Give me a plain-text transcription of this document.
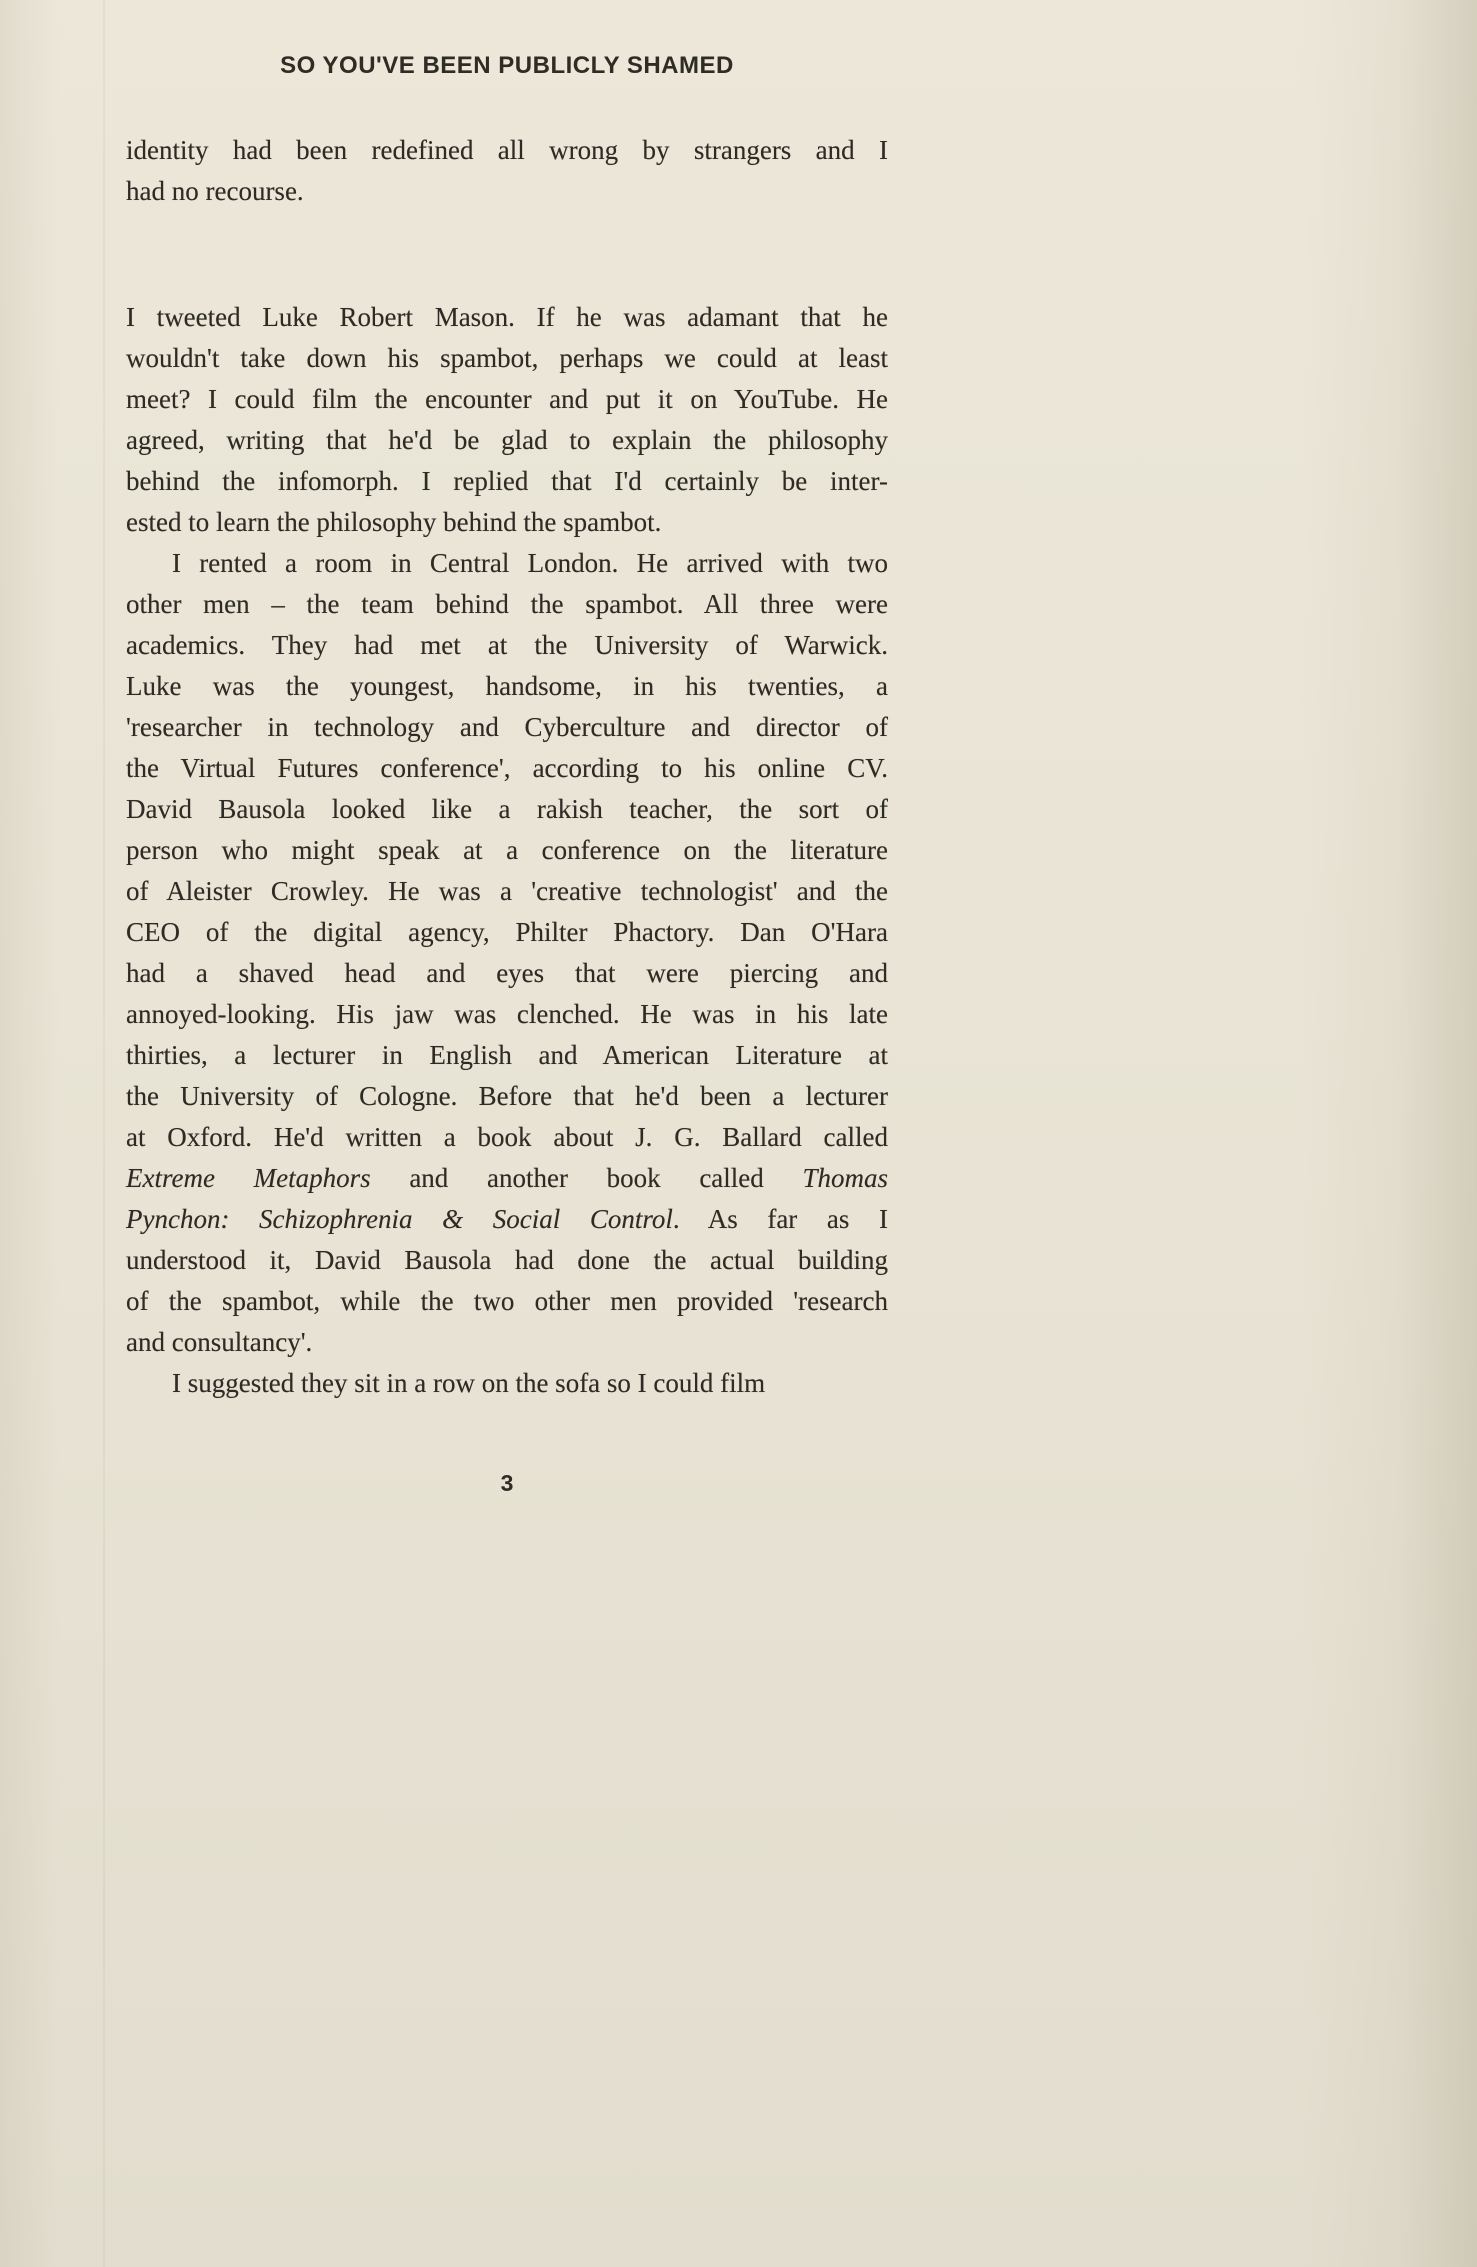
SO YOU'VE BEEN PUBLICLY SHAMED
identity had been redefined all wrong by strangers and I
had no recourse.
I tweeted Luke Robert Mason. If he was adamant that he
wouldn't take down his spambot, perhaps we could at least
meet? I could film the encounter and put it on YouTube. He
agreed, writing that he'd be glad to explain the philosophy
behind the infomorph. I replied that I'd certainly be inter-
ested to learn the philosophy behind the spambot.
I rented a room in Central London. He arrived with two
other men – the team behind the spambot. All three were
academics. They had met at the University of Warwick.
Luke was the youngest, handsome, in his twenties, a
'researcher in technology and Cyberculture and director of
the Virtual Futures conference', according to his online CV.
David Bausola looked like a rakish teacher, the sort of
person who might speak at a conference on the literature
of Aleister Crowley. He was a 'creative technologist' and the
CEO of the digital agency, Philter Phactory. Dan O'Hara
had a shaved head and eyes that were piercing and
annoyed-looking. His jaw was clenched. He was in his late
thirties, a lecturer in English and American Literature at
the University of Cologne. Before that he'd been a lecturer
at Oxford. He'd written a book about J. G. Ballard called
Extreme Metaphors and another book called Thomas
Pynchon: Schizophrenia & Social Control. As far as I
understood it, David Bausola had done the actual building
of the spambot, while the two other men provided 'research
and consultancy'.
I suggested they sit in a row on the sofa so I could film
3
